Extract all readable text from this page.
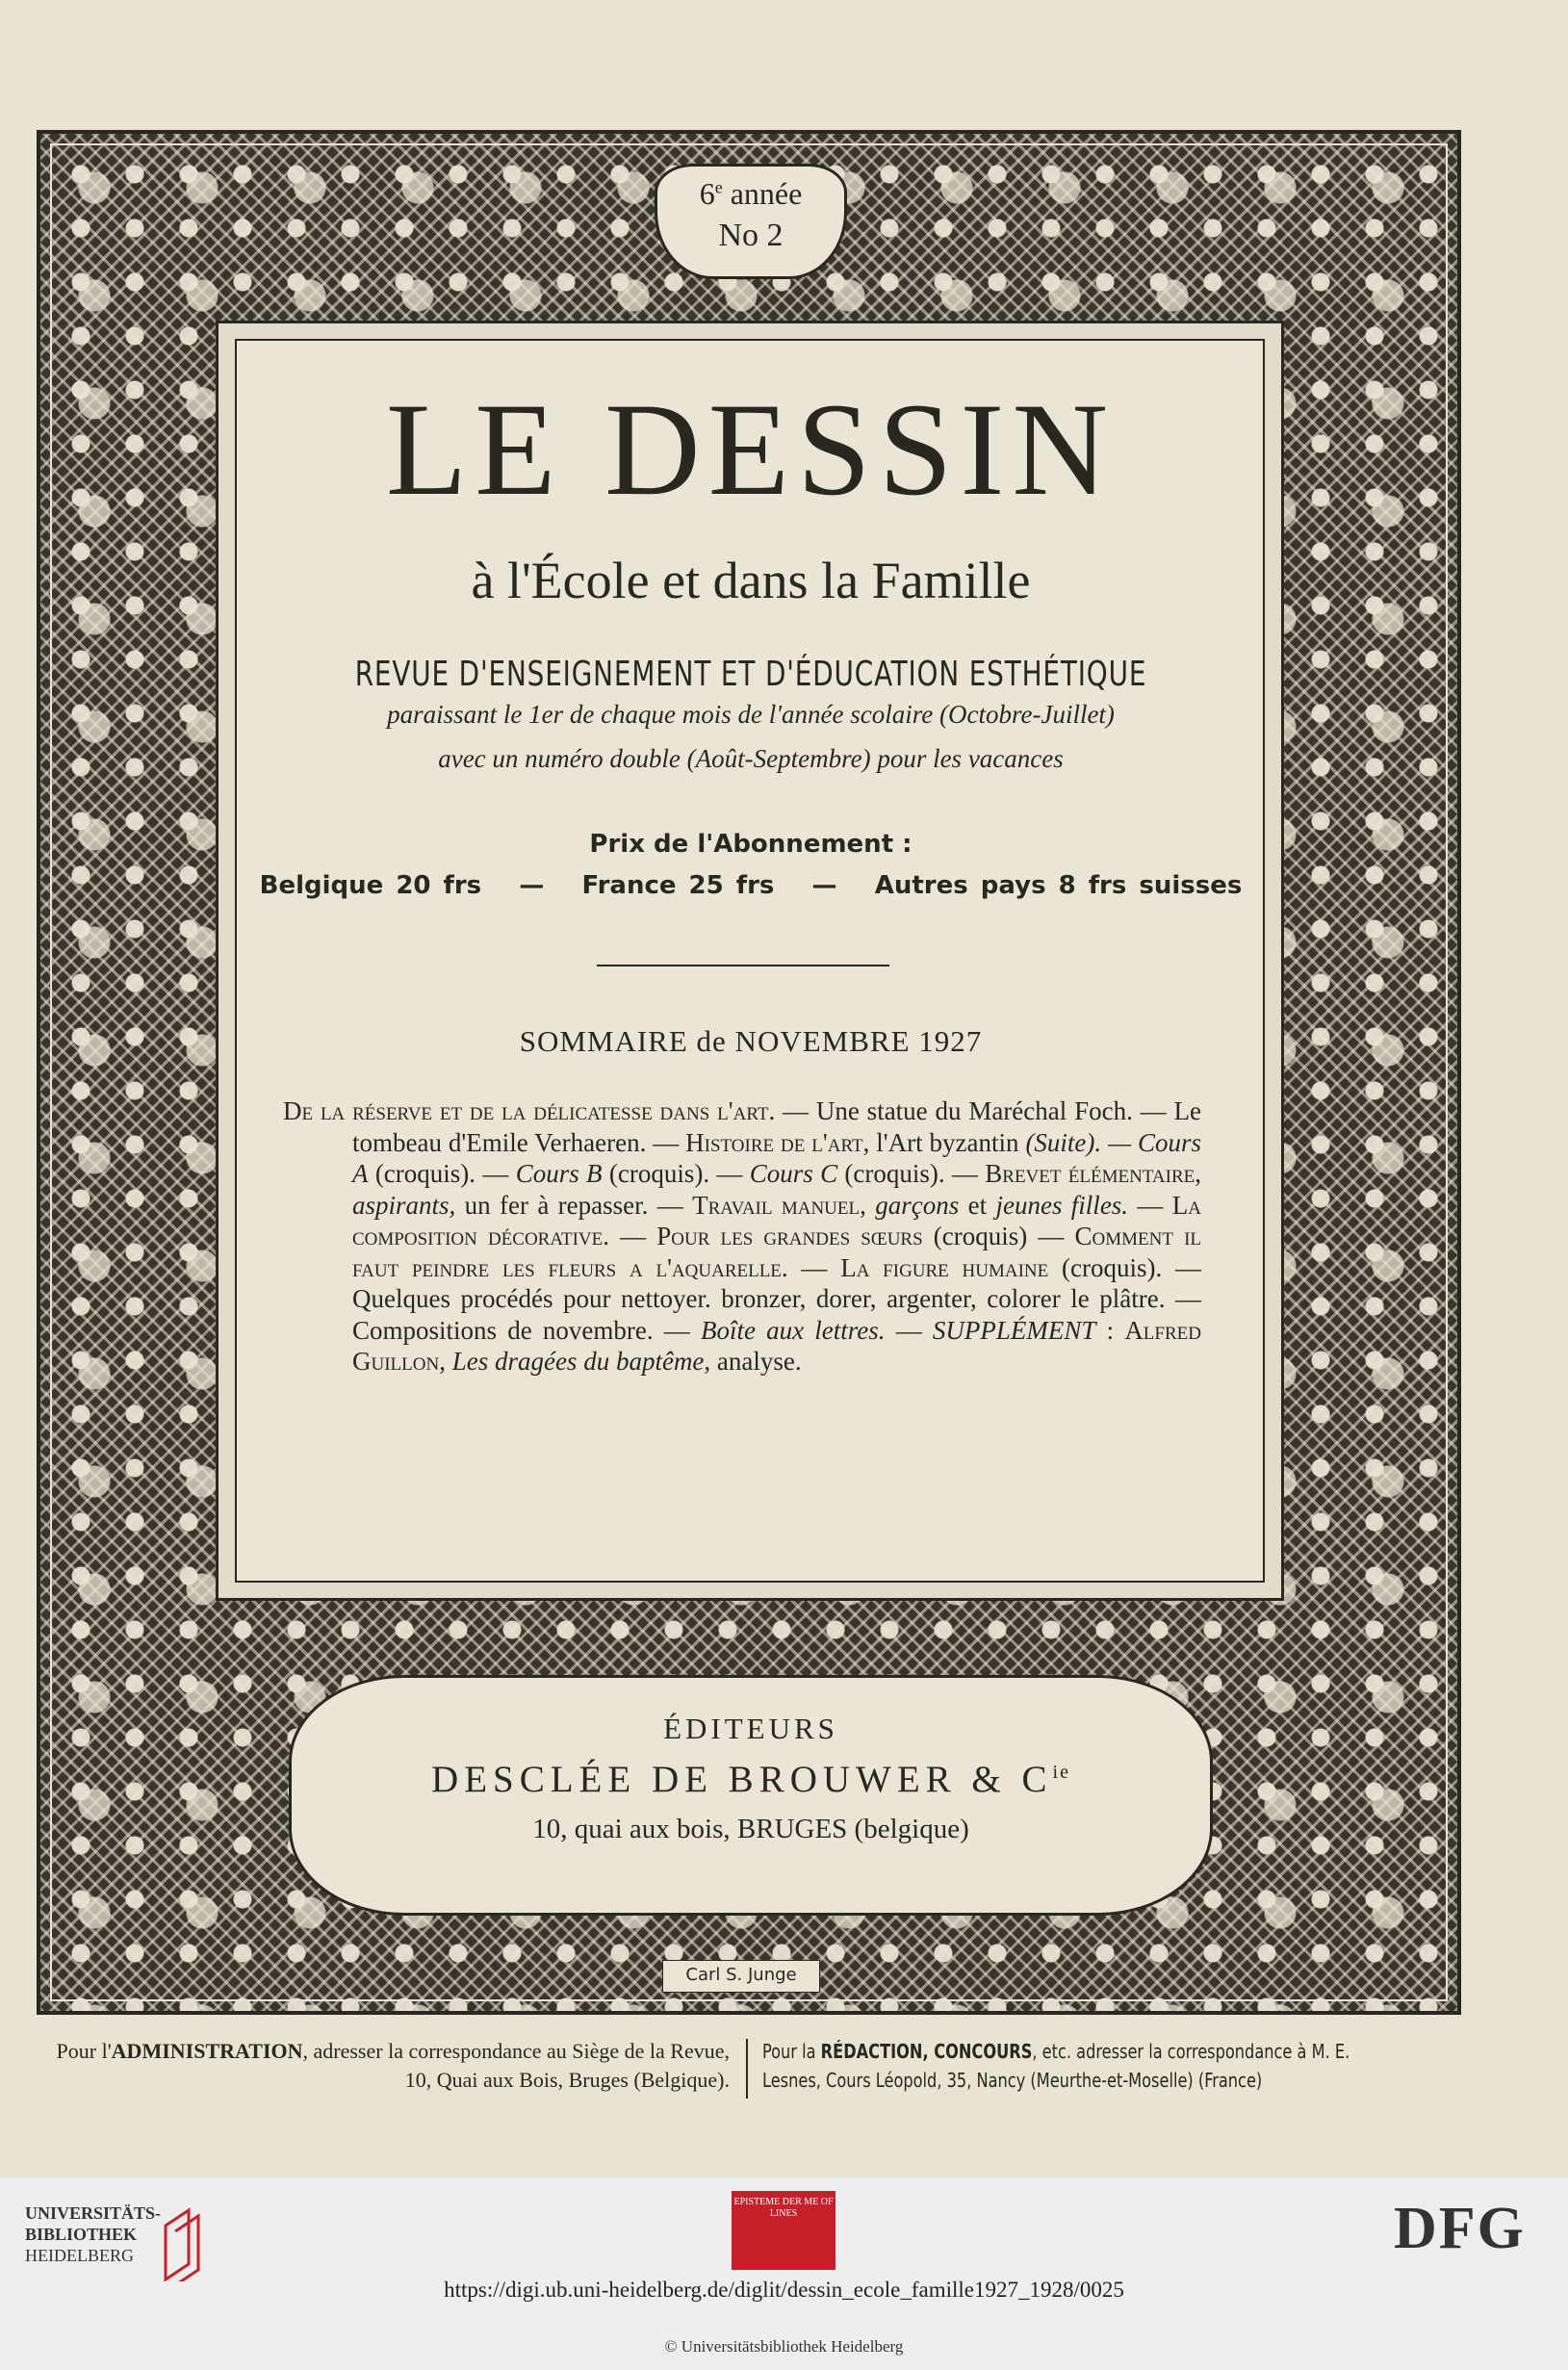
6e année
No 2
LE DESSIN
à l'École et dans la Famille
REVUE D'ENSEIGNEMENT ET D'ÉDUCATION ESTHÉTIQUE
paraissant le 1er de chaque mois de l'année scolaire (Octobre-Juillet)
avec un numéro double (Août-Septembre) pour les vacances
Prix de l'Abonnement :
Belgique 20 frs   —   France 25 frs   —   Autres pays 8 frs suisses
SOMMAIRE de NOVEMBRE 1927
De la réserve et de la délicatesse dans l'art. — Une statue du Maréchal Foch. — Le tombeau d'Emile Verhaeren. — Histoire de l'art, l'Art byzantin (Suite). — Cours A (croquis). — Cours B (croquis). — Cours C (croquis). — Brevet élémentaire, aspirants, un fer à repasser. — Travail manuel, garçons et jeunes filles. — La composition décorative. — Pour les grandes sœurs (croquis) — Comment il faut peindre les fleurs a l'aquarelle. — La figure humaine (croquis). — Quelques procédés pour nettoyer. bronzer, dorer, argenter, colorer le plâtre. — Compositions de novembre. — Boîte aux lettres. — SUPPLÉMENT : Alfred Guillon, Les dragées du baptême, analyse.
ÉDITEURS
DESCLÉE DE BROUWER & $C^{ie}$
10, quai aux bois, BRUGES (belgique)
Carl S. Junge
Pour l'ADMINISTRATION, adresser la correspondance au Siège de la Revue, 10, Quai aux Bois, Bruges (Belgique).
Pour la RÉDACTION, CONCOURS, etc. adresser la correspondance à M. E. Lesnes, Cours Léopold, 35, Nancy (Meurthe-et-Moselle) (France)
UNIVERSITÄTS-
BIBLIOTHEK
HEIDELBERG
EPISTEME DER ME OF LINES	DFG
https://digi.ub.uni-heidelberg.de/diglit/dessin_ecole_famille1927_1928/0025
© Universitätsbibliothek Heidelberg
